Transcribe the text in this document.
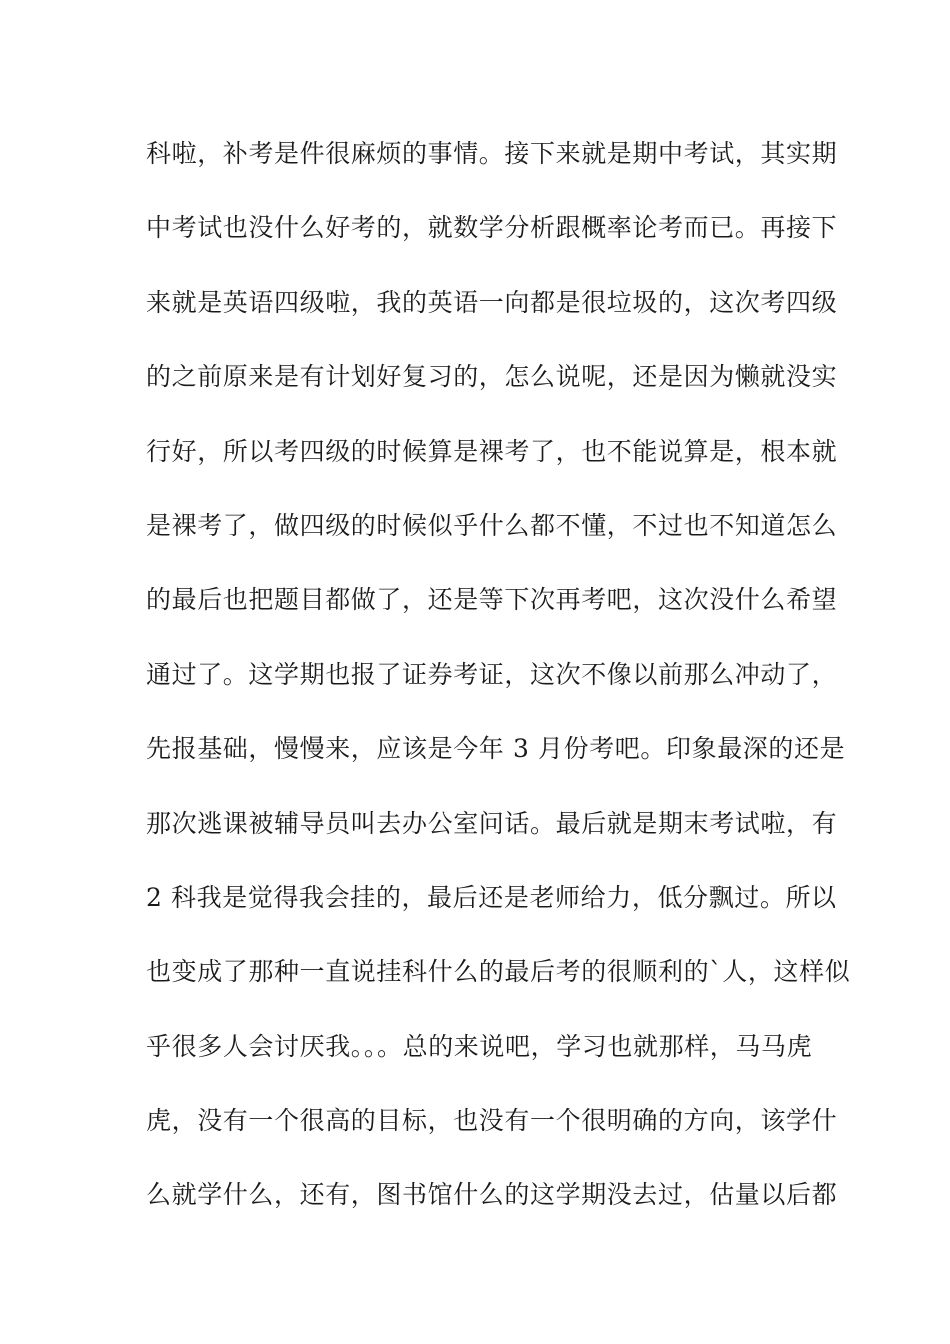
科啦，补考是件很麻烦的事情。接下来就是期中考试，其实期
中考试也没什么好考的，就数学分析跟概率论考而已。再接下
来就是英语四级啦，我的英语一向都是很垃圾的，这次考四级
的之前原来是有计划好复习的，怎么说呢，还是因为懒就没实
行好，所以考四级的时候算是裸考了，也不能说算是，根本就
是裸考了，做四级的时候似乎什么都不懂，不过也不知道怎么
的最后也把题目都做了，还是等下次再考吧，这次没什么希望
通过了。这学期也报了证券考证，这次不像以前那么冲动了，
先报基础，慢慢来，应该是今年 3 月份考吧。印象最深的还是
那次逃课被辅导员叫去办公室问话。最后就是期末考试啦，有
2 科我是觉得我会挂的，最后还是老师给力，低分飘过。所以
也变成了那种一直说挂科什么的最后考的很顺利的`人，这样似
乎很多人会讨厌我。。。总的来说吧，学习也就那样，马马虎
虎，没有一个很高的目标，也没有一个很明确的方向，该学什
么就学什么，还有，图书馆什么的这学期没去过，估量以后都
